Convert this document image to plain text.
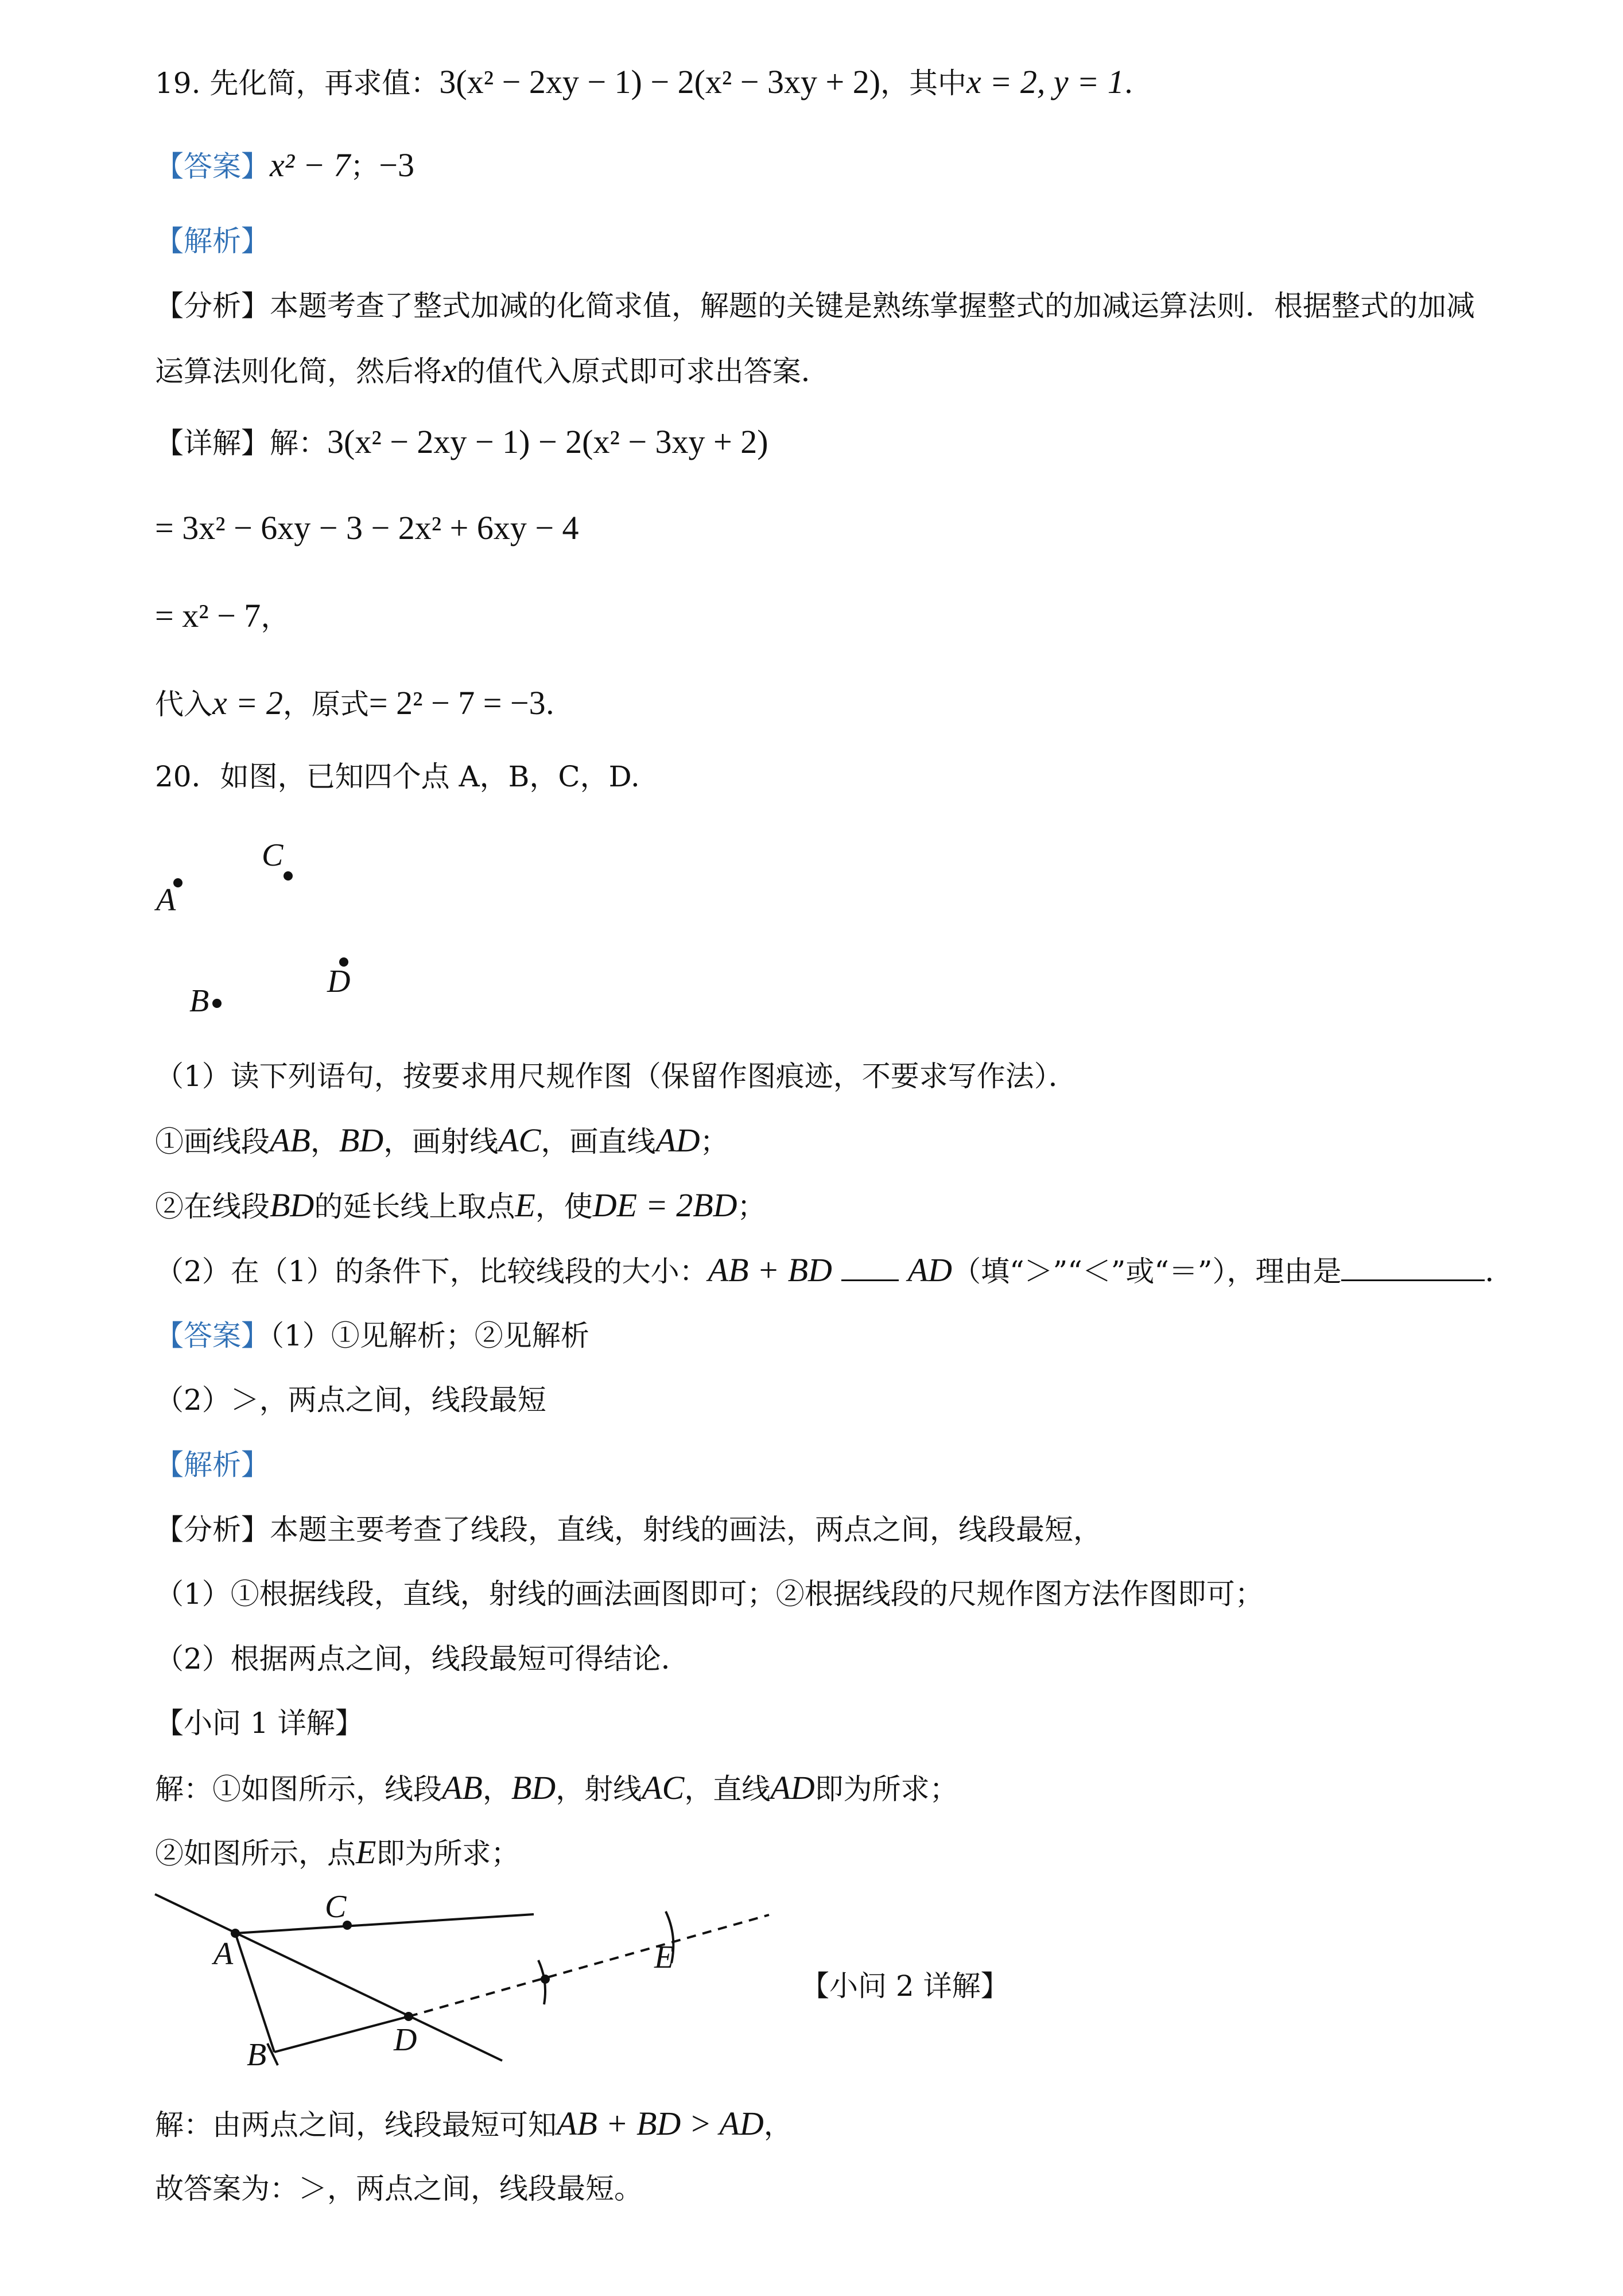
19. 先化简，再求值：3(x² − 2xy − 1) − 2(x² − 3xy + 2)，其中x = 2, y = 1．
【答案】x² − 7；−3
【解析】
【分析】本题考查了整式加减的化简求值，解题的关键是熟练掌握整式的加减运算法则．根据整式的加减
运算法则化简，然后将x的值代入原式即可求出答案．
【详解】解：3(x² − 2xy − 1) − 2(x² − 3xy + 2)
= 3x² − 6xy − 3 − 2x² + 6xy − 4
= x² − 7，
代入x = 2，原式= 2² − 7 = −3．
20．如图，已知四个点 A，B，C，D.
A
C
D
B
（1）读下列语句，按要求用尺规作图（保留作图痕迹，不要求写作法）．
①画线段AB，BD，画射线AC，画直线AD；
②在线段BD的延长线上取点E，使DE = 2BD；
（2）在（1）的条件下，比较线段的大小：AB + BD AD（填“＞”“＜”或“＝”），理由是	．
【答案】（1）①见解析；②见解析
（2）＞，两点之间，线段最短
【解析】
【分析】本题主要考查了线段，直线，射线的画法，两点之间，线段最短，
（1）①根据线段，直线，射线的画法画图即可；②根据线段的尺规作图方法作图即可；
（2）根据两点之间，线段最短可得结论．
【小问 1 详解】
解：①如图所示，线段AB，BD，射线AC，直线AD即为所求；
②如图所示，点E即为所求；
A
C
B	D
E
【小问 2 详解】
解：由两点之间，线段最短可知AB + BD > AD，
故答案为：＞，两点之间，线段最短。
